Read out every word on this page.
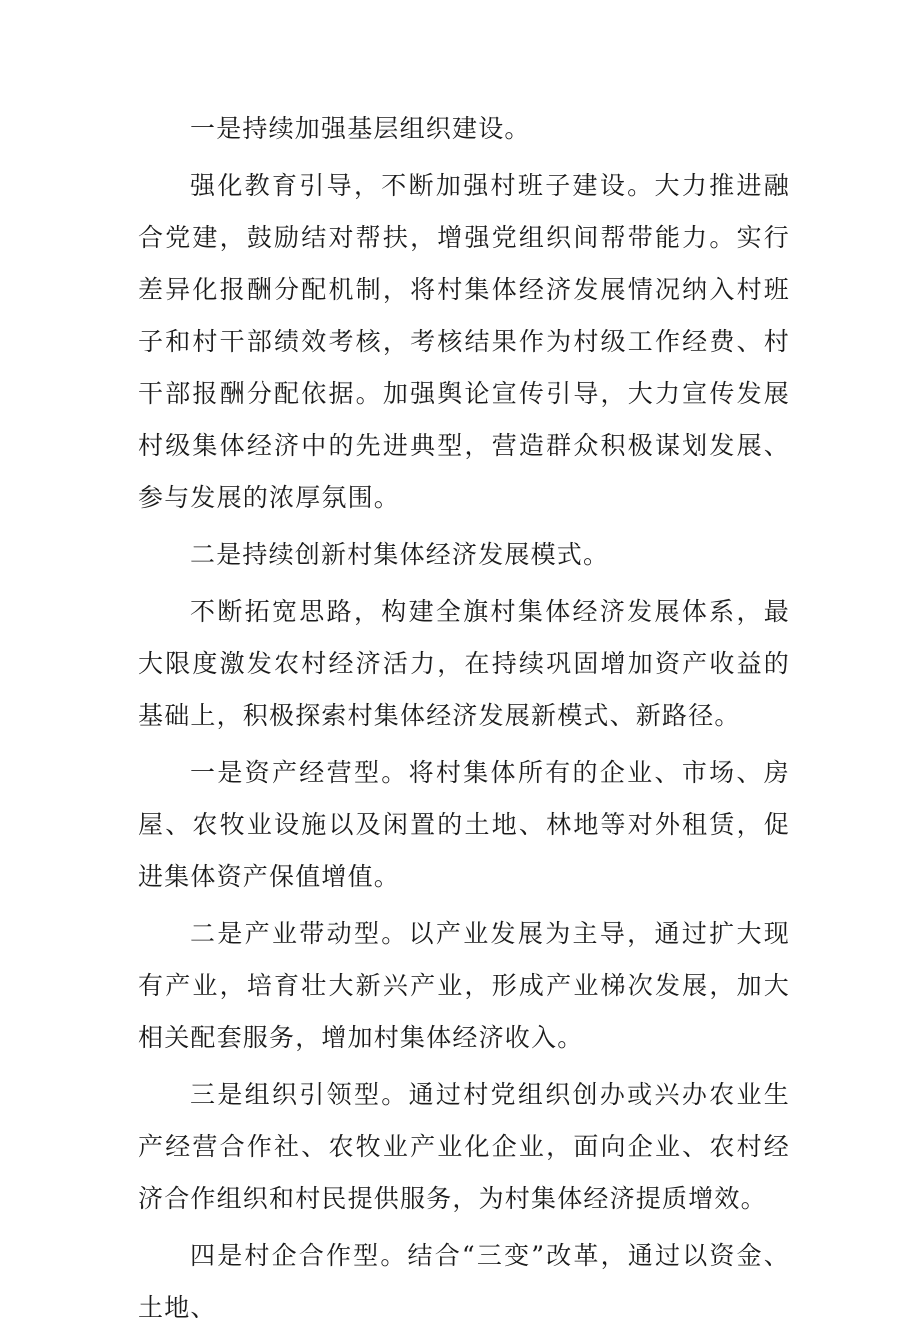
一是持续加强基层组织建设。

强化教育引导，不断加强村班子建设。大力推进融合党建，鼓励结对帮扶，增强党组织间帮带能力。实行差异化报酬分配机制，将村集体经济发展情况纳入村班子和村干部绩效考核，考核结果作为村级工作经费、村干部报酬分配依据。加强舆论宣传引导，大力宣传发展村级集体经济中的先进典型，营造群众积极谋划发展、参与发展的浓厚氛围。

二是持续创新村集体经济发展模式。

不断拓宽思路，构建全旗村集体经济发展体系，最大限度激发农村经济活力，在持续巩固增加资产收益的基础上，积极探索村集体经济发展新模式、新路径。

一是资产经营型。将村集体所有的企业、市场、房屋、农牧业设施以及闲置的土地、林地等对外租赁，促进集体资产保值增值。

二是产业带动型。以产业发展为主导，通过扩大现有产业，培育壮大新兴产业，形成产业梯次发展，加大相关配套服务，增加村集体经济收入。

三是组织引领型。通过村党组织创办或兴办农业生产经营合作社、农牧业产业化企业，面向企业、农村经济合作组织和村民提供服务，为村集体经济提质增效。

四是村企合作型。结合“三变”改革，通过以资金、土地、
